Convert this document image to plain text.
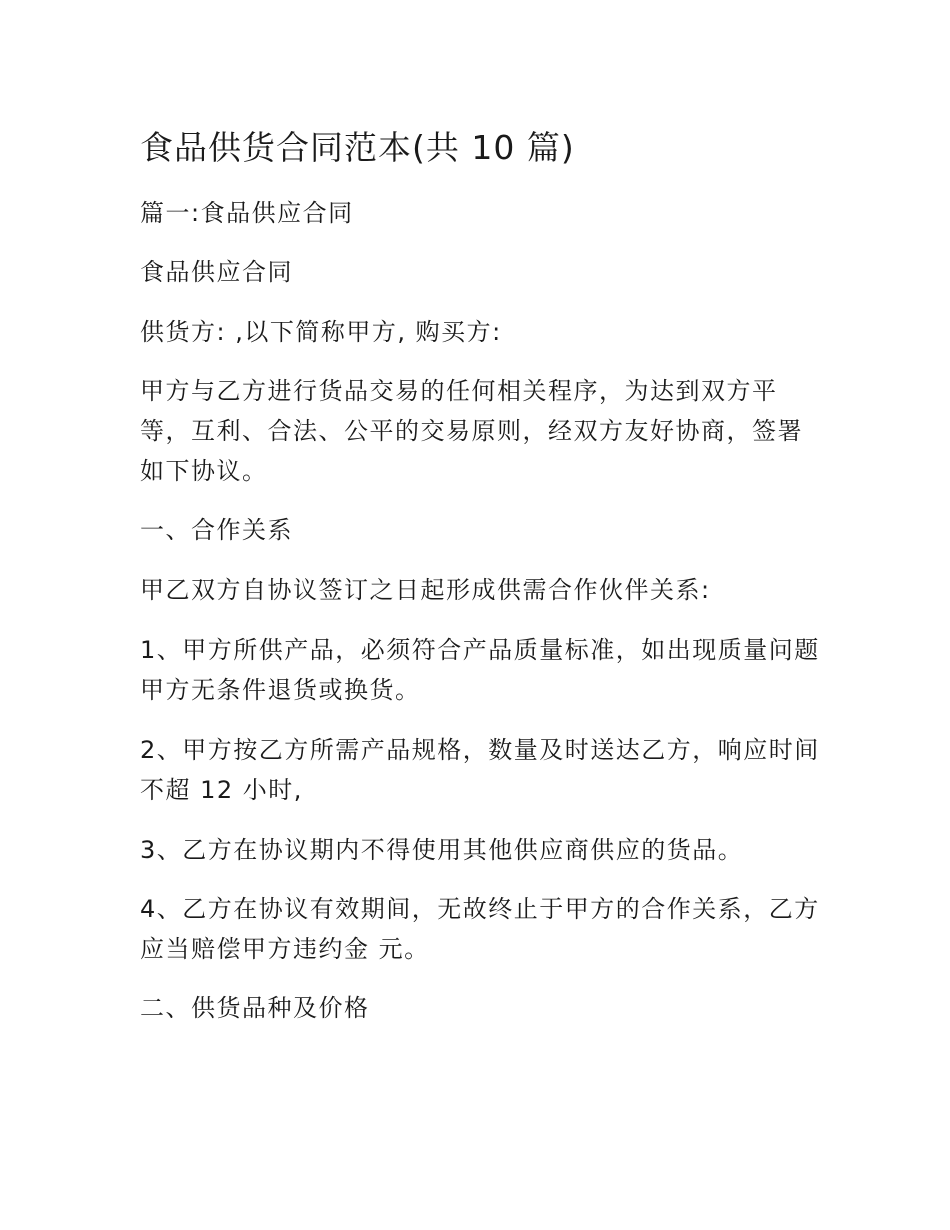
食品供货合同范本(共 10 篇)

篇一:食品供应合同

食品供应合同

供货方: ,以下简称甲方, 购买方:

甲方与乙方进行货品交易的任何相关程序，为达到双方平等，互利、合法、公平的交易原则，经双方友好协商，签署如下协议。

一、合作关系

甲乙双方自协议签订之日起形成供需合作伙伴关系:

1、甲方所供产品，必须符合产品质量标准，如出现质量问题甲方无条件退货或换货。

2、甲方按乙方所需产品规格，数量及时送达乙方，响应时间不超 12 小时,

3、乙方在协议期内不得使用其他供应商供应的货品。

4、乙方在协议有效期间，无故终止于甲方的合作关系，乙方应当赔偿甲方违约金 元。

二、供货品种及价格
